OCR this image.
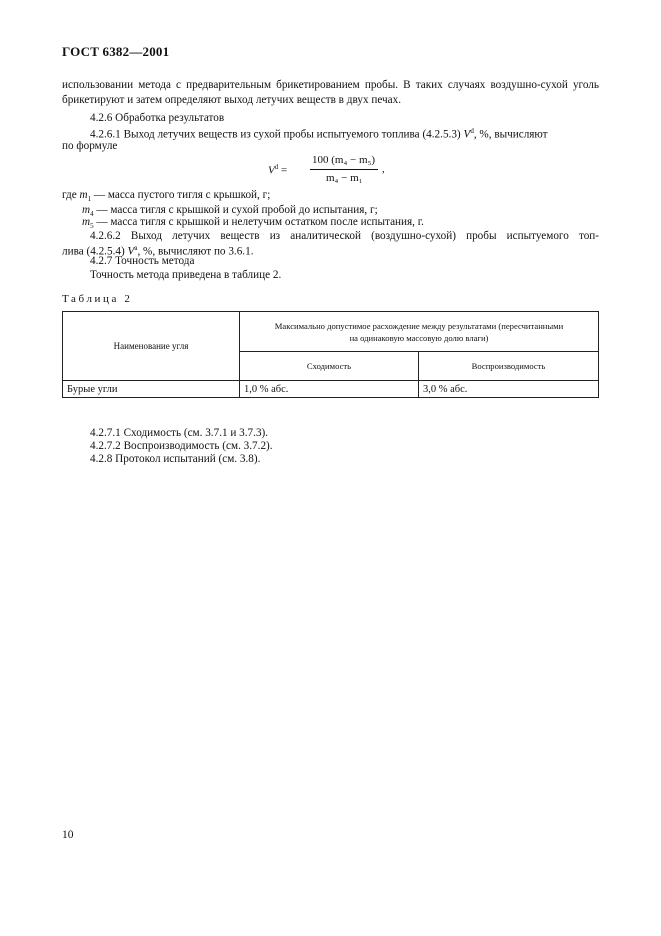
ГОСТ 6382—2001
использовании метода с предварительным брикетированием пробы. В таких случаях воздушно-сухой уголь
брикетируют и затем определяют выход летучих веществ в двух печах.
4.2.6 Обработка результатов
4.2.6.1 Выход летучих веществ из сухой пробы испытуемого топлива (4.2.5.3) $V^d$, %, вычисляют
по формуле
$V^d$ =
100 (m₄ − m₅)
m₄ − m₁
,
где $m_1$ — масса пустого тигля с крышкой, г;
$m_4$ — масса тигля с крышкой и сухой пробой до испытания, г;
$m_5$ — масса тигля с крышкой и нелетучим остатком после испытания, г.
4.2.6.2 Выход летучих веществ из аналитической (воздушно-сухой) пробы испытуемого топ-
лива (4.2.5.4) $V^a$, %, вычисляют по 3.6.1.
4.2.7 Точность метода
Точность метода приведена в таблице 2.
Таблица 2
Наименование угля	Максимально допустимое расхождение между результатами (пересчитанными
на одинаковую массовую долю влаги)	

	Сходимость	Воспроизводимость
Бурые угли	1,0 % абс.	3,0 % абс.
4.2.7.1 Сходимость (см. 3.7.1 и 3.7.3).
4.2.7.2 Воспроизводимость (см. 3.7.2).
4.2.8 Протокол испытаний (см. 3.8).
10
